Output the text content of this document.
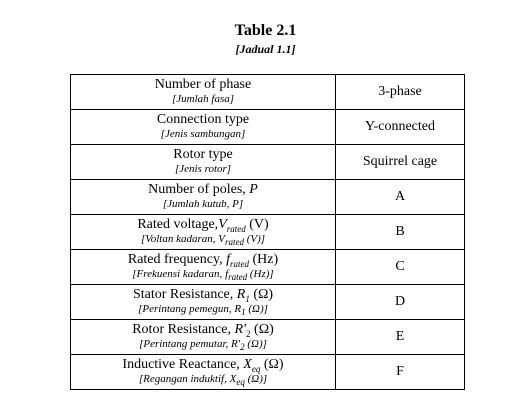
Table 2.1
[Jadual 1.1]
Number of phase
[Jumlah fasa]	3-phase

Connection type
[Jenis sambungan]	Y-connected

Rotor type
[Jenis rotor]	Squirrel cage

Number of poles, P
[Jumlah kutub, P]	A

Rated $voltage,V_{rated}$ (V)
[Voltan kadaran, $V_{rated}$ (V)]	B

Rated frequency, $f_{rated}$ (Hz)
[Frekuensi kadaran, $f_{rated}$ (Hz)]	C

Stator Resistance, $R_1$ (Ω)
[Perintang pemegun, $R_1$ (Ω)]	D

Rotor Resistance, $R'_2$ (Ω)
[Perintang pemutar, $R'_2$ (Ω)]	E

Inductive Reactance, $X_{eq}$ (Ω)
[Regangan induktif, $X_{eq}$ (Ω)]	F
